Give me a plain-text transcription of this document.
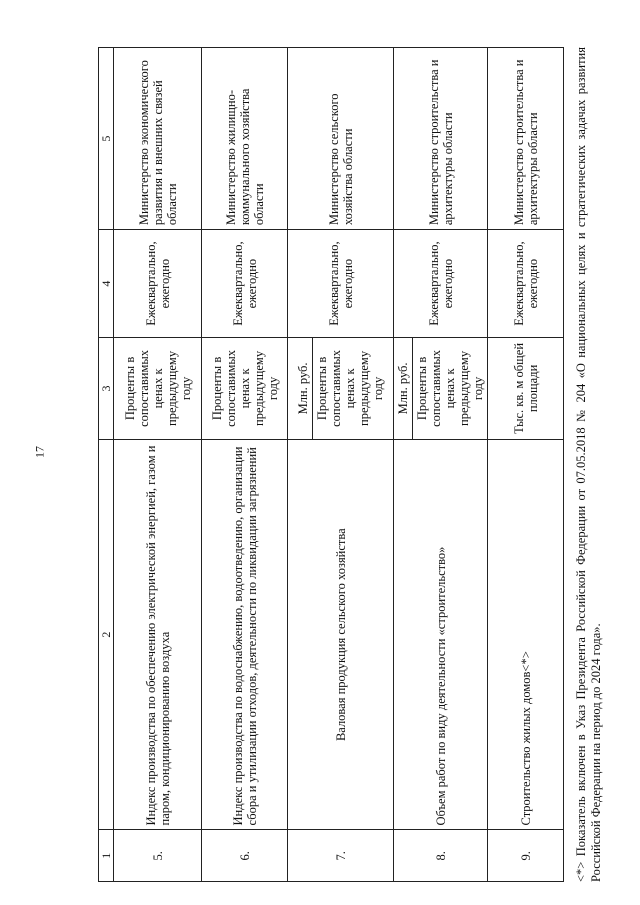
17
1	2	3	4	5
5.	Индекс производства по обеспечению электрической энергией, газом и паром, кондиционированию воздуха	Проценты в сопоставимых ценах к предыдущему году	Ежеквартально, ежегодно	Министерство экономического развития и внешних связей области
6.	Индекс производства по водоснабжению, водоотведению, организации сбора и утилизации отходов, деятельности по ликвидации загрязнений	Проценты в сопоставимых ценах к предыдущему году	Ежеквартально, ежегодно	Министерство жилищно-коммунального хозяйства области
7.	Валовая продукция сельского хозяйства	Млн. руб. Проценты в сопоставимых ценах к предыдущему году	Ежеквартально, ежегодно	Министерство сельского хозяйства области
8.	Объем работ по виду деятельности «строительство»	Млн. руб. Проценты в сопоставимых ценах к предыдущему году	Ежеквартально, ежегодно	Министерство строительства и архитектуры области
9.	Строительство жилых домов<*>	Тыс. кв. м общей площади	Ежеквартально, ежегодно	Министерство строительства и архитектуры области	<*> Показатель включен в Указ Президента Российской Федерации от 07.05.2018 № 204 «О национальных целях и стратегических задачах развития Российской Федерации на период до 2024 года».
